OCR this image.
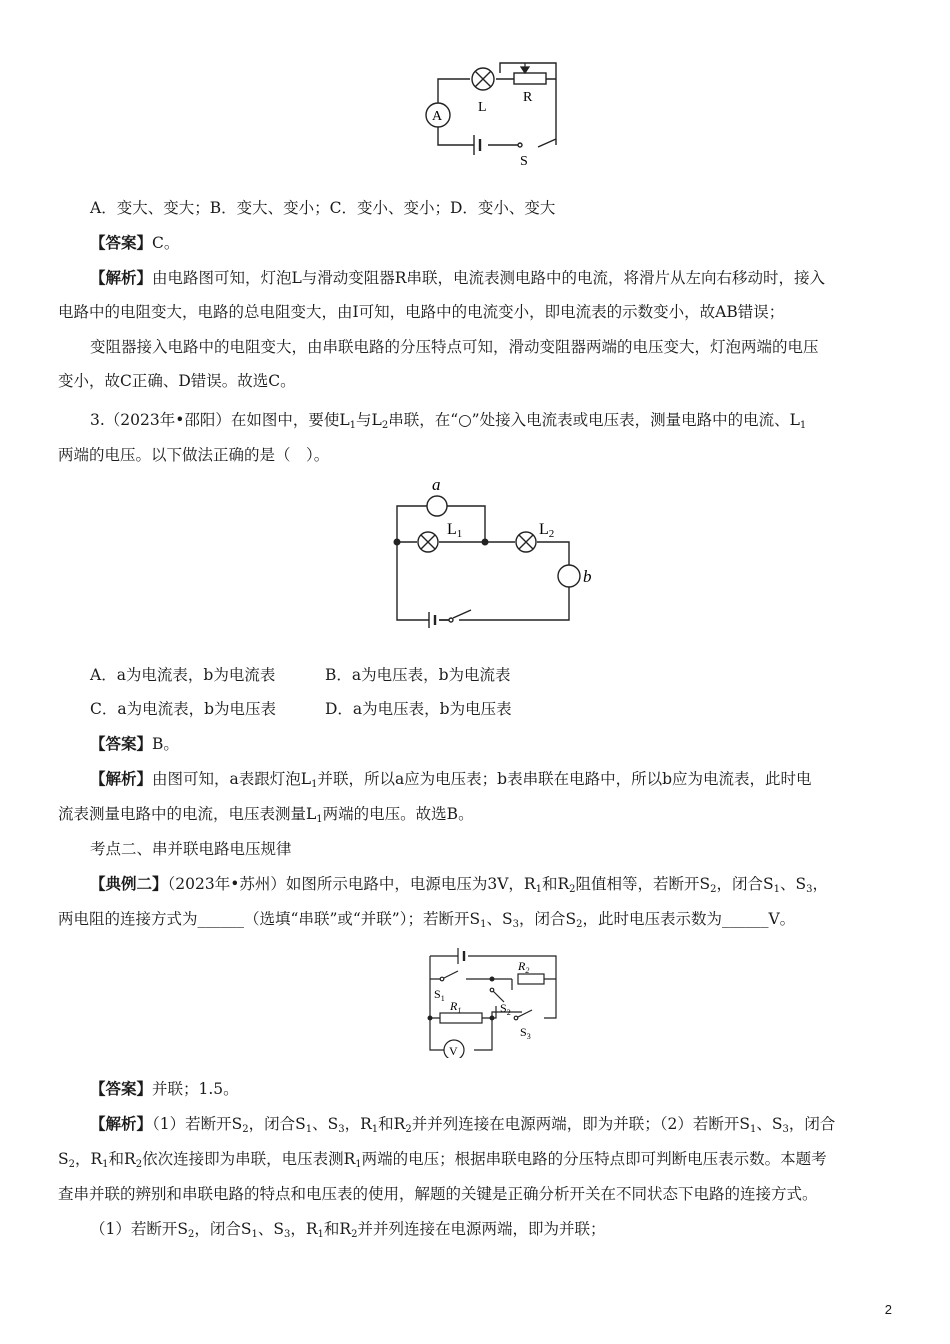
A
L
R
S
A．变大、变大；B．变大、变小；C．变小、变小；D．变小、变大
【答案】C。
【解析】由电路图可知，灯泡L与滑动变阻器R串联，电流表测电路中的电流，将滑片从左向右移动时，接入
电路中的电阻变大，电路的总电阻变大，由I可知，电路中的电流变小，即电流表的示数变小，故AB错误；
变阻器接入电路中的电阻变大，由串联电路的分压特点可知，滑动变阻器两端的电压变大，灯泡两端的电压
变小，故C正确、D错误。故选C。
3.（2023年•邵阳）在如图中，要使$L_1$与$L_2$串联，在“○”处接入电流表或电压表，测量电路中的电流、$L_1$
两端的电压。以下做法正确的是（　）。
a
b
L1	L2
A．a为电流表，b为电流表	B．a为电压表，b为电流表
C．a为电流表，b为电压表	D．a为电压表，b为电压表
【答案】B。
【解析】由图可知，a表跟灯泡$L_1$并联，所以a应为电压表；b表串联在电路中，所以b应为电流表，此时电
流表测量电路中的电流，电压表测量$L_1$两端的电压。故选B。
考点二、串并联电路电压规律
【典例二】（2023年•苏州）如图所示电路中，电源电压为3V，$R_1$和$R_2$阻值相等，若断开$S_2$，闭合$S_1$、$S_3$，
两电阻的连接方式为______（选填“串联”或“并联”）；若断开$S_1$、$S_3$，闭合$S_2$，此时电压表示数为______V。
$R_2$
$S_1$
$S_2$
$R_1$
$S_3$
V
【答案】并联；1.5。
【解析】（1）若断开$S_2$，闭合$S_1$、$S_3$，$R_1$和$R_2$并并列连接在电源两端，即为并联；（2）若断开$S_1$、$S_3$，闭合
$S_2$，$R_1$和$R_2$依次连接即为串联，电压表测$R_1$两端的电压；根据串联电路的分压特点即可判断电压表示数。本题考
查串并联的辨别和串联电路的特点和电压表的使用，解题的关键是正确分析开关在不同状态下电路的连接方式。
（1）若断开$S_2$，闭合$S_1$、$S_3$，$R_1$和$R_2$并并列连接在电源两端，即为并联；
2
